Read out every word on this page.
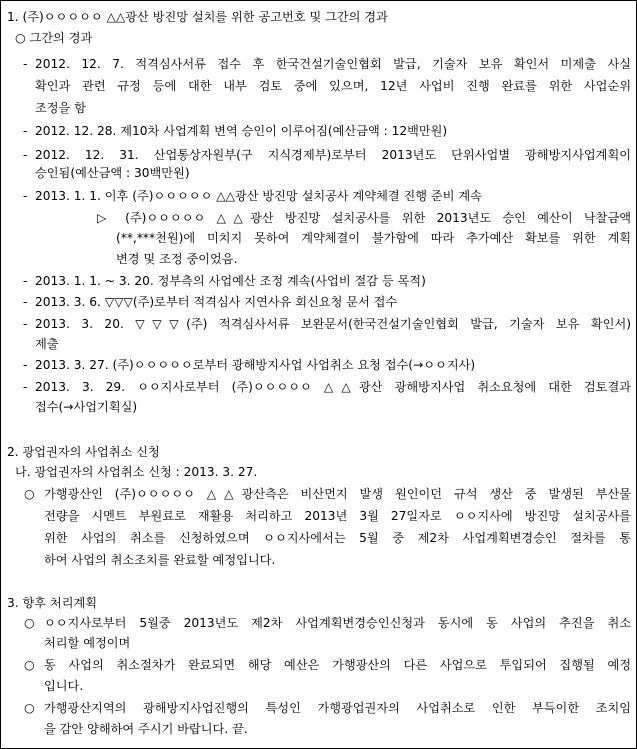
1. (주)ㅇㅇㅇㅇㅇ △△광산 방진망 설치를 위한 공고번호 및 그간의 경과
○ 그간의 경과
- 2012. 12. 7. 적격심사서류 접수 후 한국건설기술인협회 발급, 기술자 보유 확인서 미제출 사실
확인과 관련 규정 등에 대한 내부 검토 중에 있으며, 12년 사업비 진행 완료를 위한 사업순위
조정을 함
- 2012. 12. 28. 제10차 사업계획 변역 승인이 이루어짐(예산금액 : 12백만원)
- 2012. 12. 31. 산업통상자원부(구 지식경제부)로부터 2013년도 단위사업별 광해방지사업계획이
승인됨(예산금액 : 30백만원)
- 2013. 1. 1. 이후 (주)ㅇㅇㅇㅇㅇ △△광산 방진망 설치공사 계약체결 진행 준비 계속
▷ (주)ㅇㅇㅇㅇㅇ △△광산 방진망 설치공사를 위한 2013년도 승인 예산이 낙찰금액
(**,***천원)에 미치지 못하여 계약체결이 불가함에 따라 추가예산 확보를 위한 계획
변경 및 조정 중이었음.
- 2013. 1. 1. ~ 3. 20. 정부측의 사업예산 조정 계속(사업비 절감 등 목적)
- 2013. 3. 6. ▽▽▽(주)로부터 적격심사 지연사유 회신요청 문서 접수
- 2013. 3. 20. ▽▽▽(주) 적격심사서류 보완문서(한국건설기술인협회 발급, 기술자 보유 확인서)
제출
- 2013. 3. 27. (주)ㅇㅇㅇㅇㅇ로부터 광해방지사업 사업취소 요청 접수(→ㅇㅇ지사)
- 2013. 3. 29. ㅇㅇ지사로부터 (주)ㅇㅇㅇㅇㅇ △△광산 광해방지사업 취소요청에 대한 검토결과
접수(→사업기획실)
2. 광업권자의 사업취소 신청
나. 광업권자의 사업취소 신청 : 2013. 3. 27.
○ 가행광산인 (주)ㅇㅇㅇㅇㅇ △△광산측은 비산먼지 발생 원인이던 규석 생산 중 발생된 부산물
전량을 시멘트 부원료로 재활용 처리하고 2013년 3월 27일자로 ㅇㅇ지사에 방진망 설치공사를
위한 사업의 취소를 신청하였으며 ㅇㅇ지사에서는 5월 중 제2차 사업계획변경승인 절차를 통
하여 사업의 취소조치를 완료할 예정입니다.
3. 향후 처리계획
○ ㅇㅇ지사로부터 5월중 2013년도 제2차 사업계획변경승인신청과 동시에 동 사업의 추진을 취소
처리할 예정이며
○ 동 사업의 취소절차가 완료되면 해당 예산은 가행광산의 다른 사업으로 투입되어 집행될 예정
입니다.
○ 가행광산지역의 광해방지사업진행의 특성인 가행광업권자의 사업취소로 인한 부득이한 조치임
을 감안 양해하여 주시기 바랍니다. 끝.
